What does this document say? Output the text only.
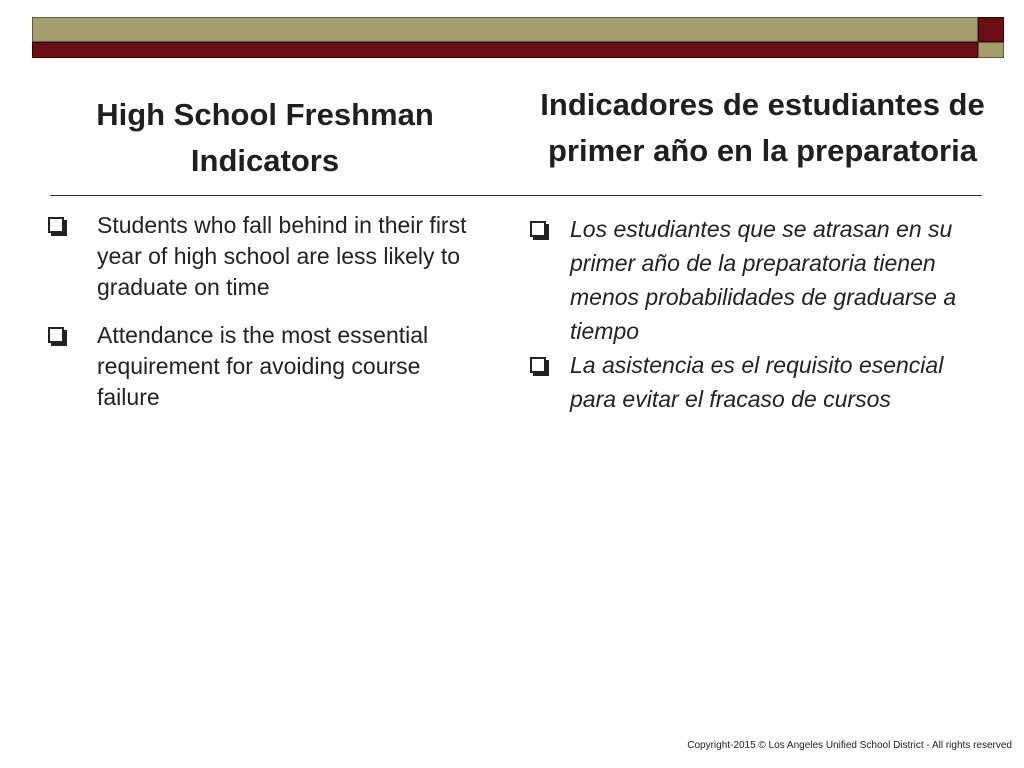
High School Freshman Indicators
Indicadores de estudiantes de primer año en la preparatoria
Students who fall behind in their first year of high school are less likely to graduate on time
Attendance is the most essential requirement for avoiding course failure
Los estudiantes que se atrasan en su primer año de la preparatoria tienen menos probabilidades de graduarse a tiempo
La asistencia es el requisito esencial para evitar el fracaso de cursos
Copyright-2015 © Los Angeles Unified School District - All rights reserved
